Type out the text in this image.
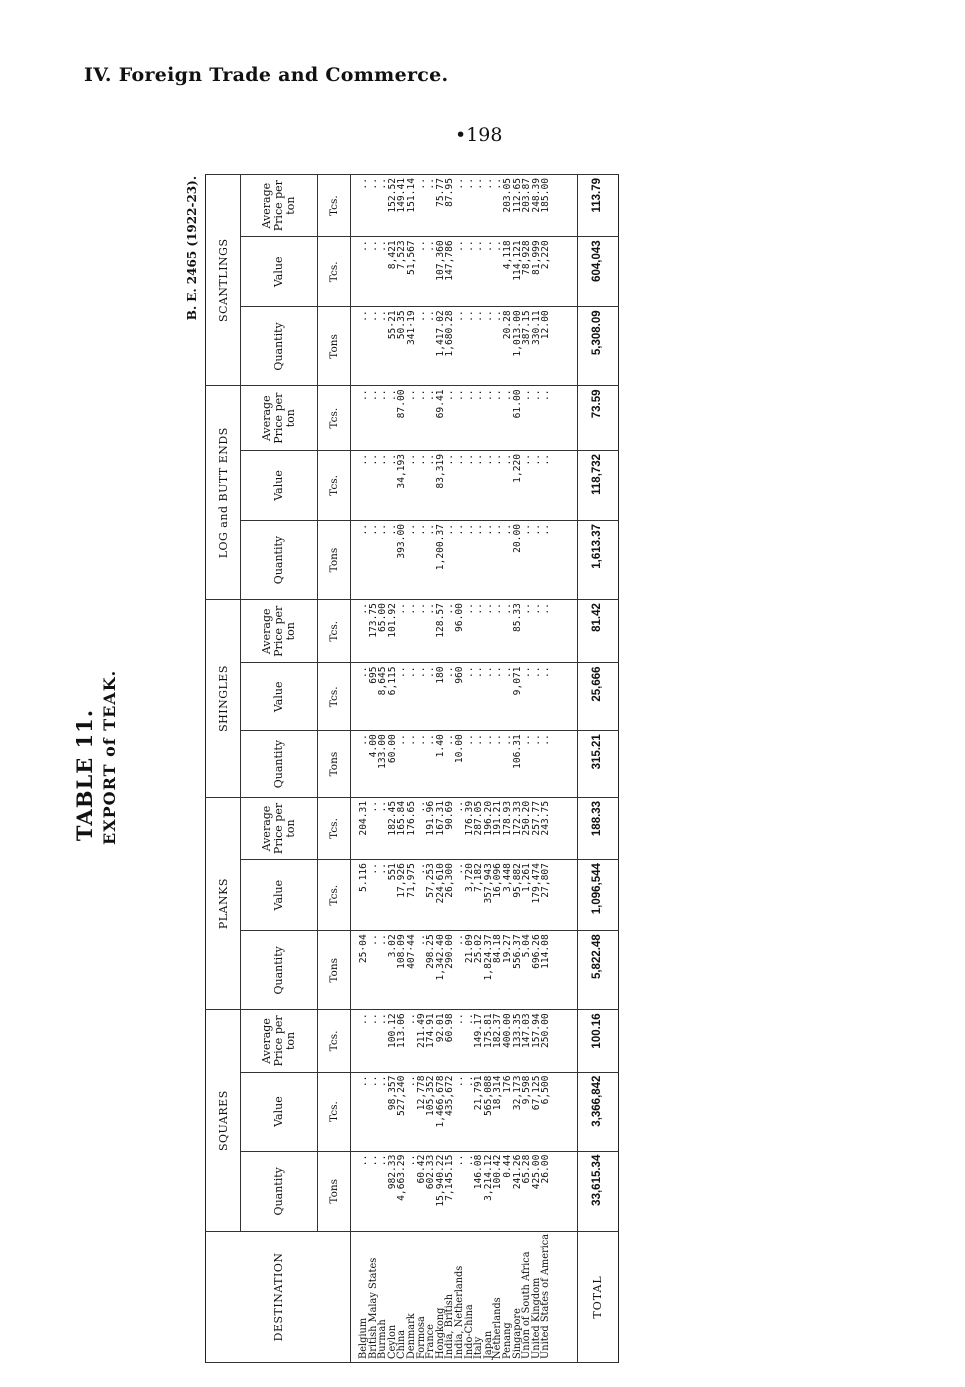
IV. Foreign Trade and Commerce.
•198
TABLE 11. EXPORT of TEAK.
B. E. 2465 (1922-23).
DESTINATION	SQUARES			PLANKS			SHINGLES			LOG and BUTT ENDS			SCANTLINGS		
	Quantity	Value	Average Price per ton	Quantity	Value	Average Price per ton	Quantity	Value	Average Price per ton	Quantity	Value	Average Price per ton	Quantity	Value	Average Price per ton
	Tons	Tcs.	Tcs.	Tons	Tcs.	Tcs.	Tons	Tcs.	Tcs.	Tons	Tcs.	Tcs.	Tons	Tcs.	Tcs.
Belgium	..	..	..	25·04	5.116	204.31	..	..	..	..	..	..	..	..	..
British Malay States	..	..	..	..	..	..	4.00	695	173.75	..	..	..	..	..	..
Burmah	..	..	..	..	..	..	133.00	8,645	65.00	..	..	..	..	..	..
Ceylon	982.33	98,357	100.12	3.02	551	182.45	60.00	6,115	101.92	..	..	..	55·21	8,421	152.52
China	4,663.29	527,240	113.06	108.09	17,926	165.84	..	..	..	393.00	34,193	87.00	50.35	7,523	149.41
Denmark	..	..	..	407·44	71,975	176.65	..	..	..	..	..	..	341·19	51,567	151.14
Formosa	60.42	12,778	211.49	..	..	..	..	..	..	..	..	..	..	..	..
France	602.33	105,352	174.91	298.25	57,253	191.96	..	..	..	..	..	..	..	..	..
Hongkong	15,940.22	1,466,678	92.01	1,342.40	224,610	167.31	1.40	180	128.57	1,200.37	83,319	69.41	1,417.02	107,360	75.77
India, British	7,145.15	435,672	60.98	290.00	26,300	90.69	..	..	..	..	..	..	1,680.28	147,786	87.95
India, Netherlands	..	..	..	..	..	..	10.00	960	96.00	..	..	..	..	..	..
Indo-China	..	..	..	21.09	3,720	176.39	..	..	..	..	..	..	..	..	..
Italy	146.08	21,791	149.17	25.02	7,182	287.05	..	..	..	..	..	..	..	..	..
Japan	3,214.12	565,088	175.81	1,824.37	357,943	196.20	..	..	..	..	..	..	..	..	..
Netherlands	100.42	18,314	182.37	84.18	16,096	191.21	..	..	..	..	..	..	..	..	..
Penang	0.44	176	400.00	19.27	3,448	178.93	..	..	..	..	..	..	20.28	4,118	203.05
Singapore	241.26	32,173	133.35	556.37	95,882	172.33	106.31	9,071	85.33	20.00	1,220	61.00	1,013.00	114,121	112.65
Union of South Africa	65.28	9,598	147.03	5.04	1,261	250.20	..	..	..	..	..	..	387.15	78,928	203.87
United Kingdom	425.00	67,125	157.94	696.26	179,474	257.77	..	..	..	..	..	..	330.11	81,999	248.39
United States of America	26.00	6,500	250.00	114.08	27,807	243.75	..	..	..	..	..	..	12.00	2,220	185.00

TOTAL	33,615.34	3,366,842	100.16	5,822.48	1,096,544	188.33	315.21	25,666	81.42	1,613.37	118,732	73.59	5,308.09	604,043	113.79
